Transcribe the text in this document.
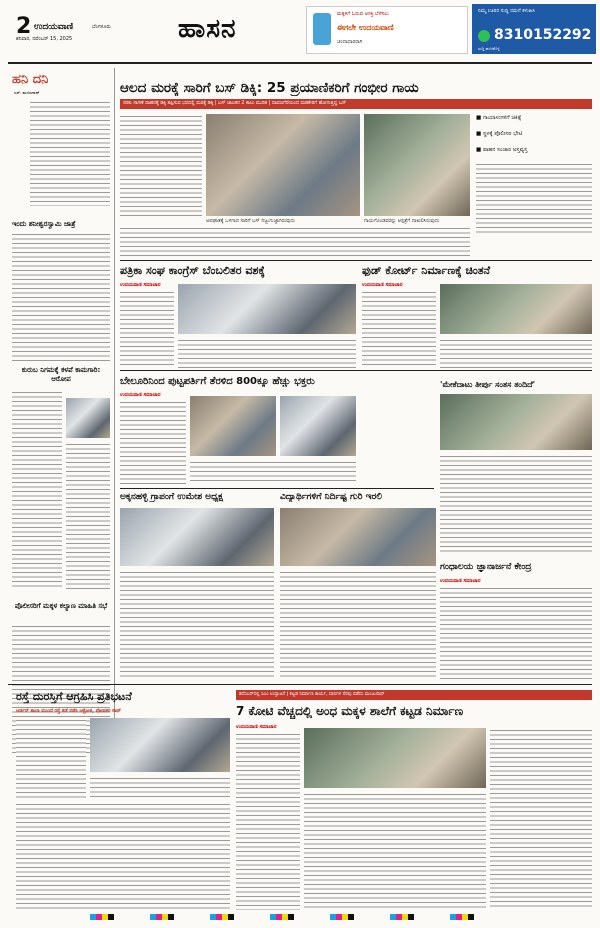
2 ಉದಯವಾಣಿ	ಬೆಂಗಳೂರು
ಶನಿವಾರ, ನವೆಂಬರ್ 15, 2025	ಹಾಸನ	ಮಕ್ಕಳಿಗೆ ಓದುವ ಆಸಕ್ತಿ ಬೆಳೆಸಲು
ಈಗಲೇ ಉದಯವಾಣಿ
ಚಂದಾದಾರರಾಗಿ
ನಿಮ್ಮ ಊರಿನ ಸುದ್ದಿ ನಮಗೆ ಕಳುಹಿಸಿ
8310152292
ಸುದ್ದಿ ಹಂಚಿಕೊಳ್ಳಿ
ಹನಿ ದನಿ
ಎಸ್. ಮಂಜುನಾಥ್
ಇಂದು ಶನೀಶ್ವರಸ್ವಾಮಿ ಜಾತ್ರೆ
ಕುರುಬ ನಿಗಮಕ್ಕೆ ಕಳಪೆ ಕಾಮಗಾರಿ: ಆರೋಪ
ಪೊಲೀಸರಿಗೆ ಮಕ್ಕಳ ಕಲ್ಯಾಣ ಮಾಹಿತಿ ಸಭೆ
ಆಲದ ಮರಕ್ಕೆ ಸಾರಿಗೆ ಬಸ್ ಡಿಕ್ಕಿ: 25 ಪ್ರಯಾಣಿಕರಿಗೆ ಗಂಭೀರ ಗಾಯ
ಸರಕು ಸಾಗಣೆ ವಾಹನಕ್ಕೆ ಡಿಕ್ಕಿ ತಪ್ಪಿಸುವ ಭರದಲ್ಲಿ ಮರಕ್ಕೆ ಡಿಕ್ಕಿ | ಬಸ್ ಚಾಲಕನ 2 ಕಾಲು ಮುರಿತ | ದಾವಣಗೆರೆಯಿಂದ ಮಡಿಕೇರಿಗೆ ಹೋಗುತ್ತಿದ್ದ ಬಸ್
ಅಪಘಾತಕ್ಕೆ ಒಳಗಾದ ಸಾರಿಗೆ ಬಸ್ ನಜ್ಜುಗುಜ್ಜಾಗಿರುವುದು	ಗಾಯಗೊಂಡವರನ್ನು ಆಸ್ಪತ್ರೆಗೆ ದಾಖಲಿಸಿರುವುದು
■ ಗಾಯಾಳುಗಳಿಗೆ ಚಿಕಿತ್ಸೆ
■ ಸ್ಥಳಕ್ಕೆ ಪೊಲೀಸರ ಭೇಟಿ
■ ವಾಹನ ಸಂಚಾರ ಅಸ್ತವ್ಯಸ್ತ
ಪತ್ರಿಕಾ ಸಂಘ ಕಾಂಗ್ರೆಸ್ ಬೆಂಬಲಿತರ ವಶಕ್ಕೆ
ಉದಯವಾಣಿ ಸಮಾಚಾರ
ಫುಡ್ ಕೋರ್ಟ್ ನಿರ್ಮಾಣಕ್ಕೆ ಚಿಂತನೆ
ಉದಯವಾಣಿ ಸಮಾಚಾರ
ಬೇಲೂರಿನಿಂದ ಪುಟ್ಟಪರ್ತಿಗೆ ತೆರಳಿದ 800ಕ್ಕೂ ಹೆಚ್ಚು ಭಕ್ತರು
ಉದಯವಾಣಿ ಸಮಾಚಾರ
'ಮೇಕೆದಾಟು ತೀರ್ಪು ಸಂತಸ ತಂದಿದೆ'
ಅಕ್ಕನಹಳ್ಳಿ ಗ್ರಾಪಂಗೆ ಉಮೇಶ ಅಧ್ಯಕ್ಷ	ವಿದ್ಯಾರ್ಥಿಗಳಿಗೆ ನಿರ್ದಿಷ್ಟ ಗುರಿ ಇರಲಿ
ಗಂಧಾಲಯ ಜ್ಞಾನಾರ್ಜನೆ ಕೇಂದ್ರ
ಉದಯವಾಣಿ ಸಮಾಚಾರ
ರಸ್ತೆ ದುರಸ್ತಿಗೆ ಆಗ್ರಹಿಸಿ ಪ್ರತಿಭಟನೆ
ಆರ್ಡರ್ ಶಾಲಾ ಮುಂದೆ ರಸ್ತೆ ತಡೆ ನಡೆಸಿ ಆಕ್ರೋಶ, ಪೋಷಕರ ಸಾಥ್
ಡಿಸೆಂಬರ್‌ನಲ್ಲಿ ಸಿಎಂ ಉದ್ಘಾಟನೆ | ಕಟ್ಟಡ ನಿರ್ಮಾಣ ಕಾರ್ಯ, ದಾನಿಗಳ ನೆರವು ಪಡೆದು ಮಂಜುನಾಥ್
7 ಕೋಟಿ ವೆಚ್ಚದಲ್ಲಿ ಅಂಧ ಮಕ್ಕಳ ಶಾಲೆಗೆ ಕಟ್ಟಡ ನಿರ್ಮಾಣ
ಉದಯವಾಣಿ ಸಮಾಚಾರ
